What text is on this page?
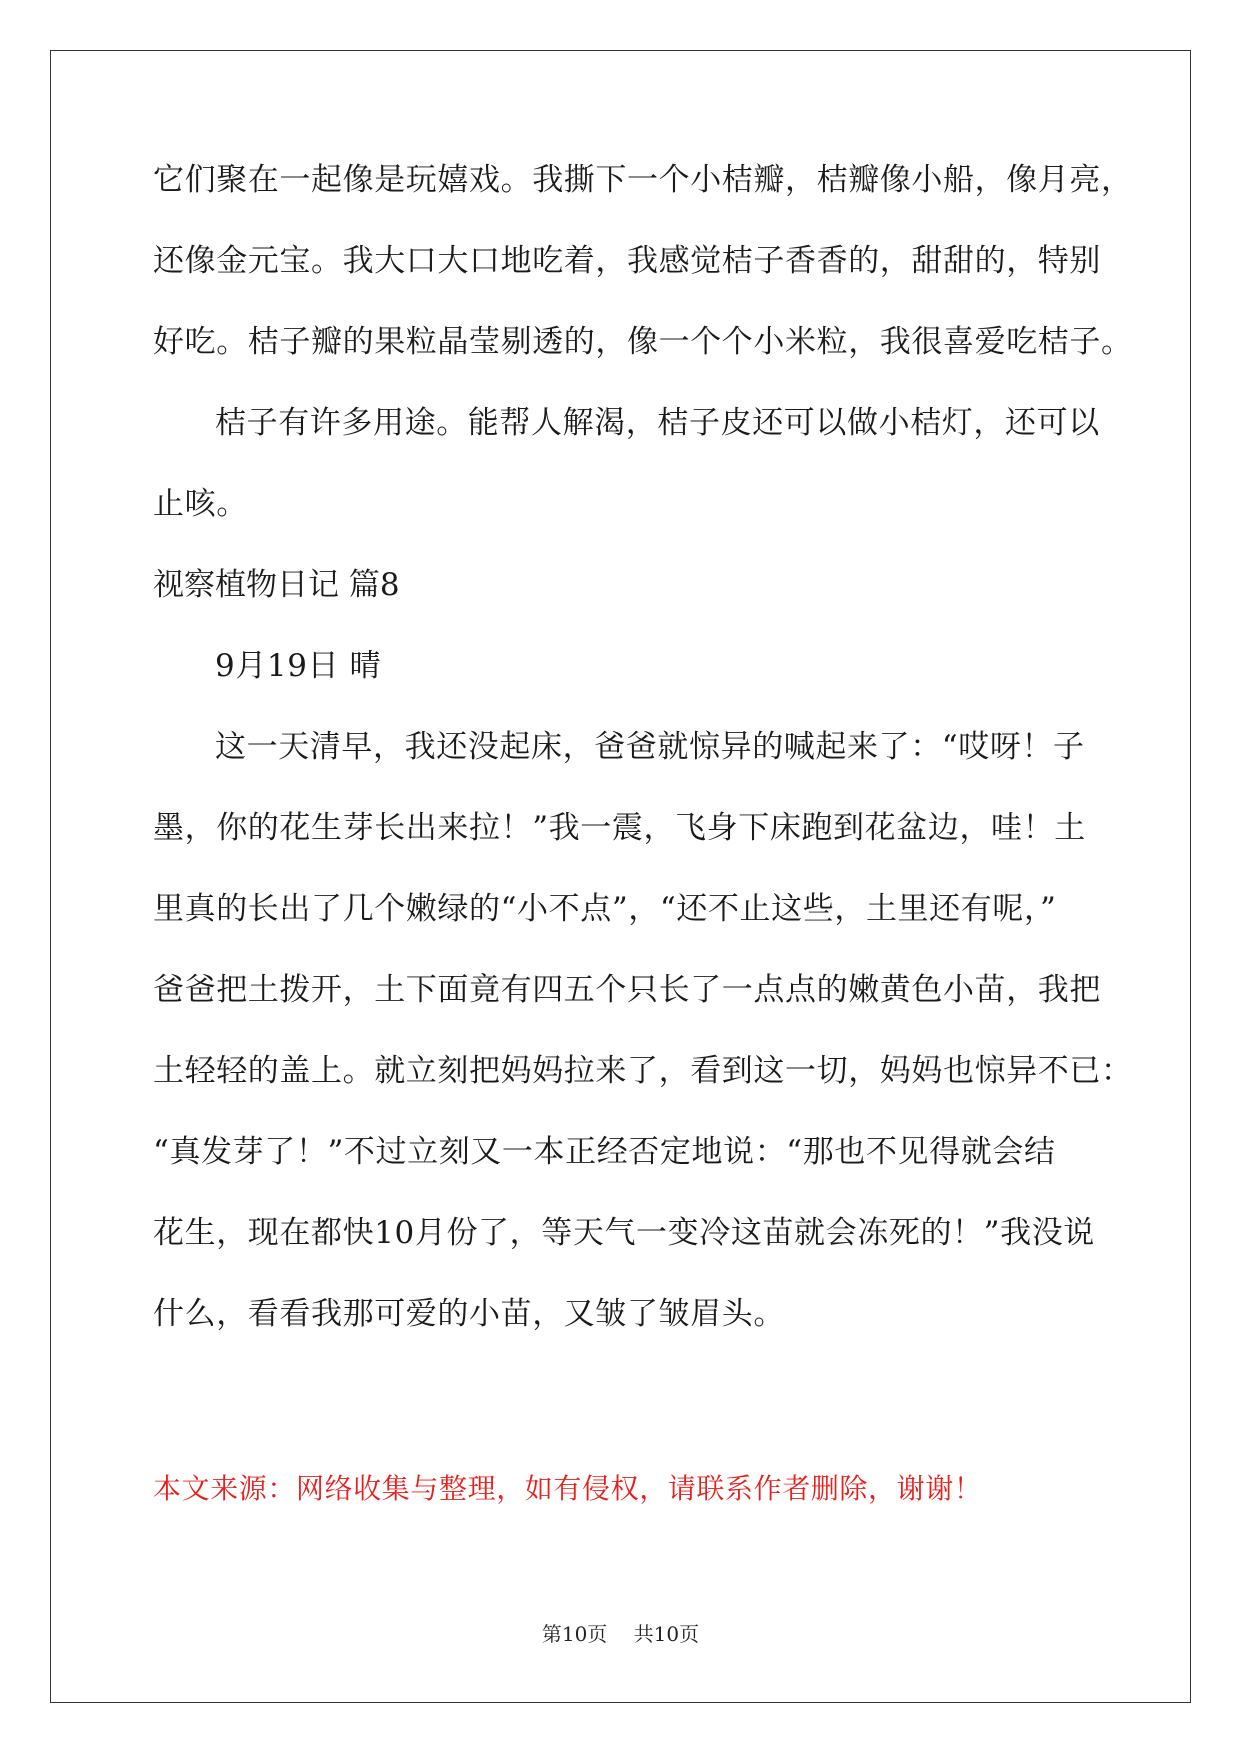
它们聚在一起像是玩嬉戏。我撕下一个小桔瓣，桔瓣像小船，像月亮，

还像金元宝。我大口大口地吃着，我感觉桔子香香的，甜甜的，特别

好吃。桔子瓣的果粒晶莹剔透的，像一个个小米粒，我很喜爱吃桔子。

桔子有许多用途。能帮人解渴，桔子皮还可以做小桔灯，还可以

止咳。

视察植物日记 篇8

9月19日 晴

这一天清早，我还没起床，爸爸就惊异的喊起来了：“哎呀！子

墨，你的花生芽长出来拉！”我一震，飞身下床跑到花盆边，哇！土

里真的长出了几个嫩绿的“小不点”，“还不止这些，土里还有呢，”

爸爸把土拨开，土下面竟有四五个只长了一点点的嫩黄色小苗，我把

土轻轻的盖上。就立刻把妈妈拉来了，看到这一切，妈妈也惊异不已：

“真发芽了！”不过立刻又一本正经否定地说：“那也不见得就会结

花生，现在都快10月份了，等天气一变冷这苗就会冻死的！”我没说

什么，看看我那可爱的小苗，又皱了皱眉头。

本文来源：网络收集与整理，如有侵权，请联系作者删除，谢谢！
第10页 共10页
